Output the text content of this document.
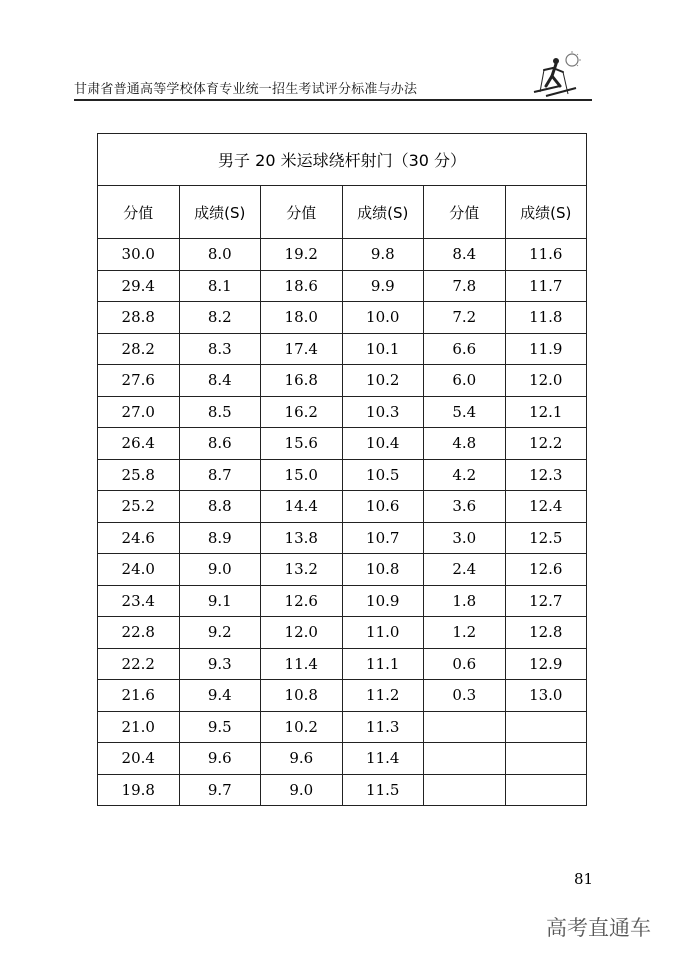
甘肃省普通高等学校体育专业统一招生考试评分标准与办法
男子 20 米运球绕杆射门（30 分）					
分值	成绩(S)	分值	成绩(S)	分值	成绩(S)
30.0	8.0	19.2	9.8	8.4	11.6
29.4	8.1	18.6	9.9	7.8	11.7
28.8	8.2	18.0	10.0	7.2	11.8
28.2	8.3	17.4	10.1	6.6	11.9
27.6	8.4	16.8	10.2	6.0	12.0
27.0	8.5	16.2	10.3	5.4	12.1
26.4	8.6	15.6	10.4	4.8	12.2
25.8	8.7	15.0	10.5	4.2	12.3
25.2	8.8	14.4	10.6	3.6	12.4
24.6	8.9	13.8	10.7	3.0	12.5
24.0	9.0	13.2	10.8	2.4	12.6
23.4	9.1	12.6	10.9	1.8	12.7
22.8	9.2	12.0	11.0	1.2	12.8
22.2	9.3	11.4	11.1	0.6	12.9
21.6	9.4	10.8	11.2	0.3	13.0
21.0	9.5	10.2	11.3		
20.4	9.6	9.6	11.4		
19.8	9.7	9.0	11.5		
81
高考直通车
